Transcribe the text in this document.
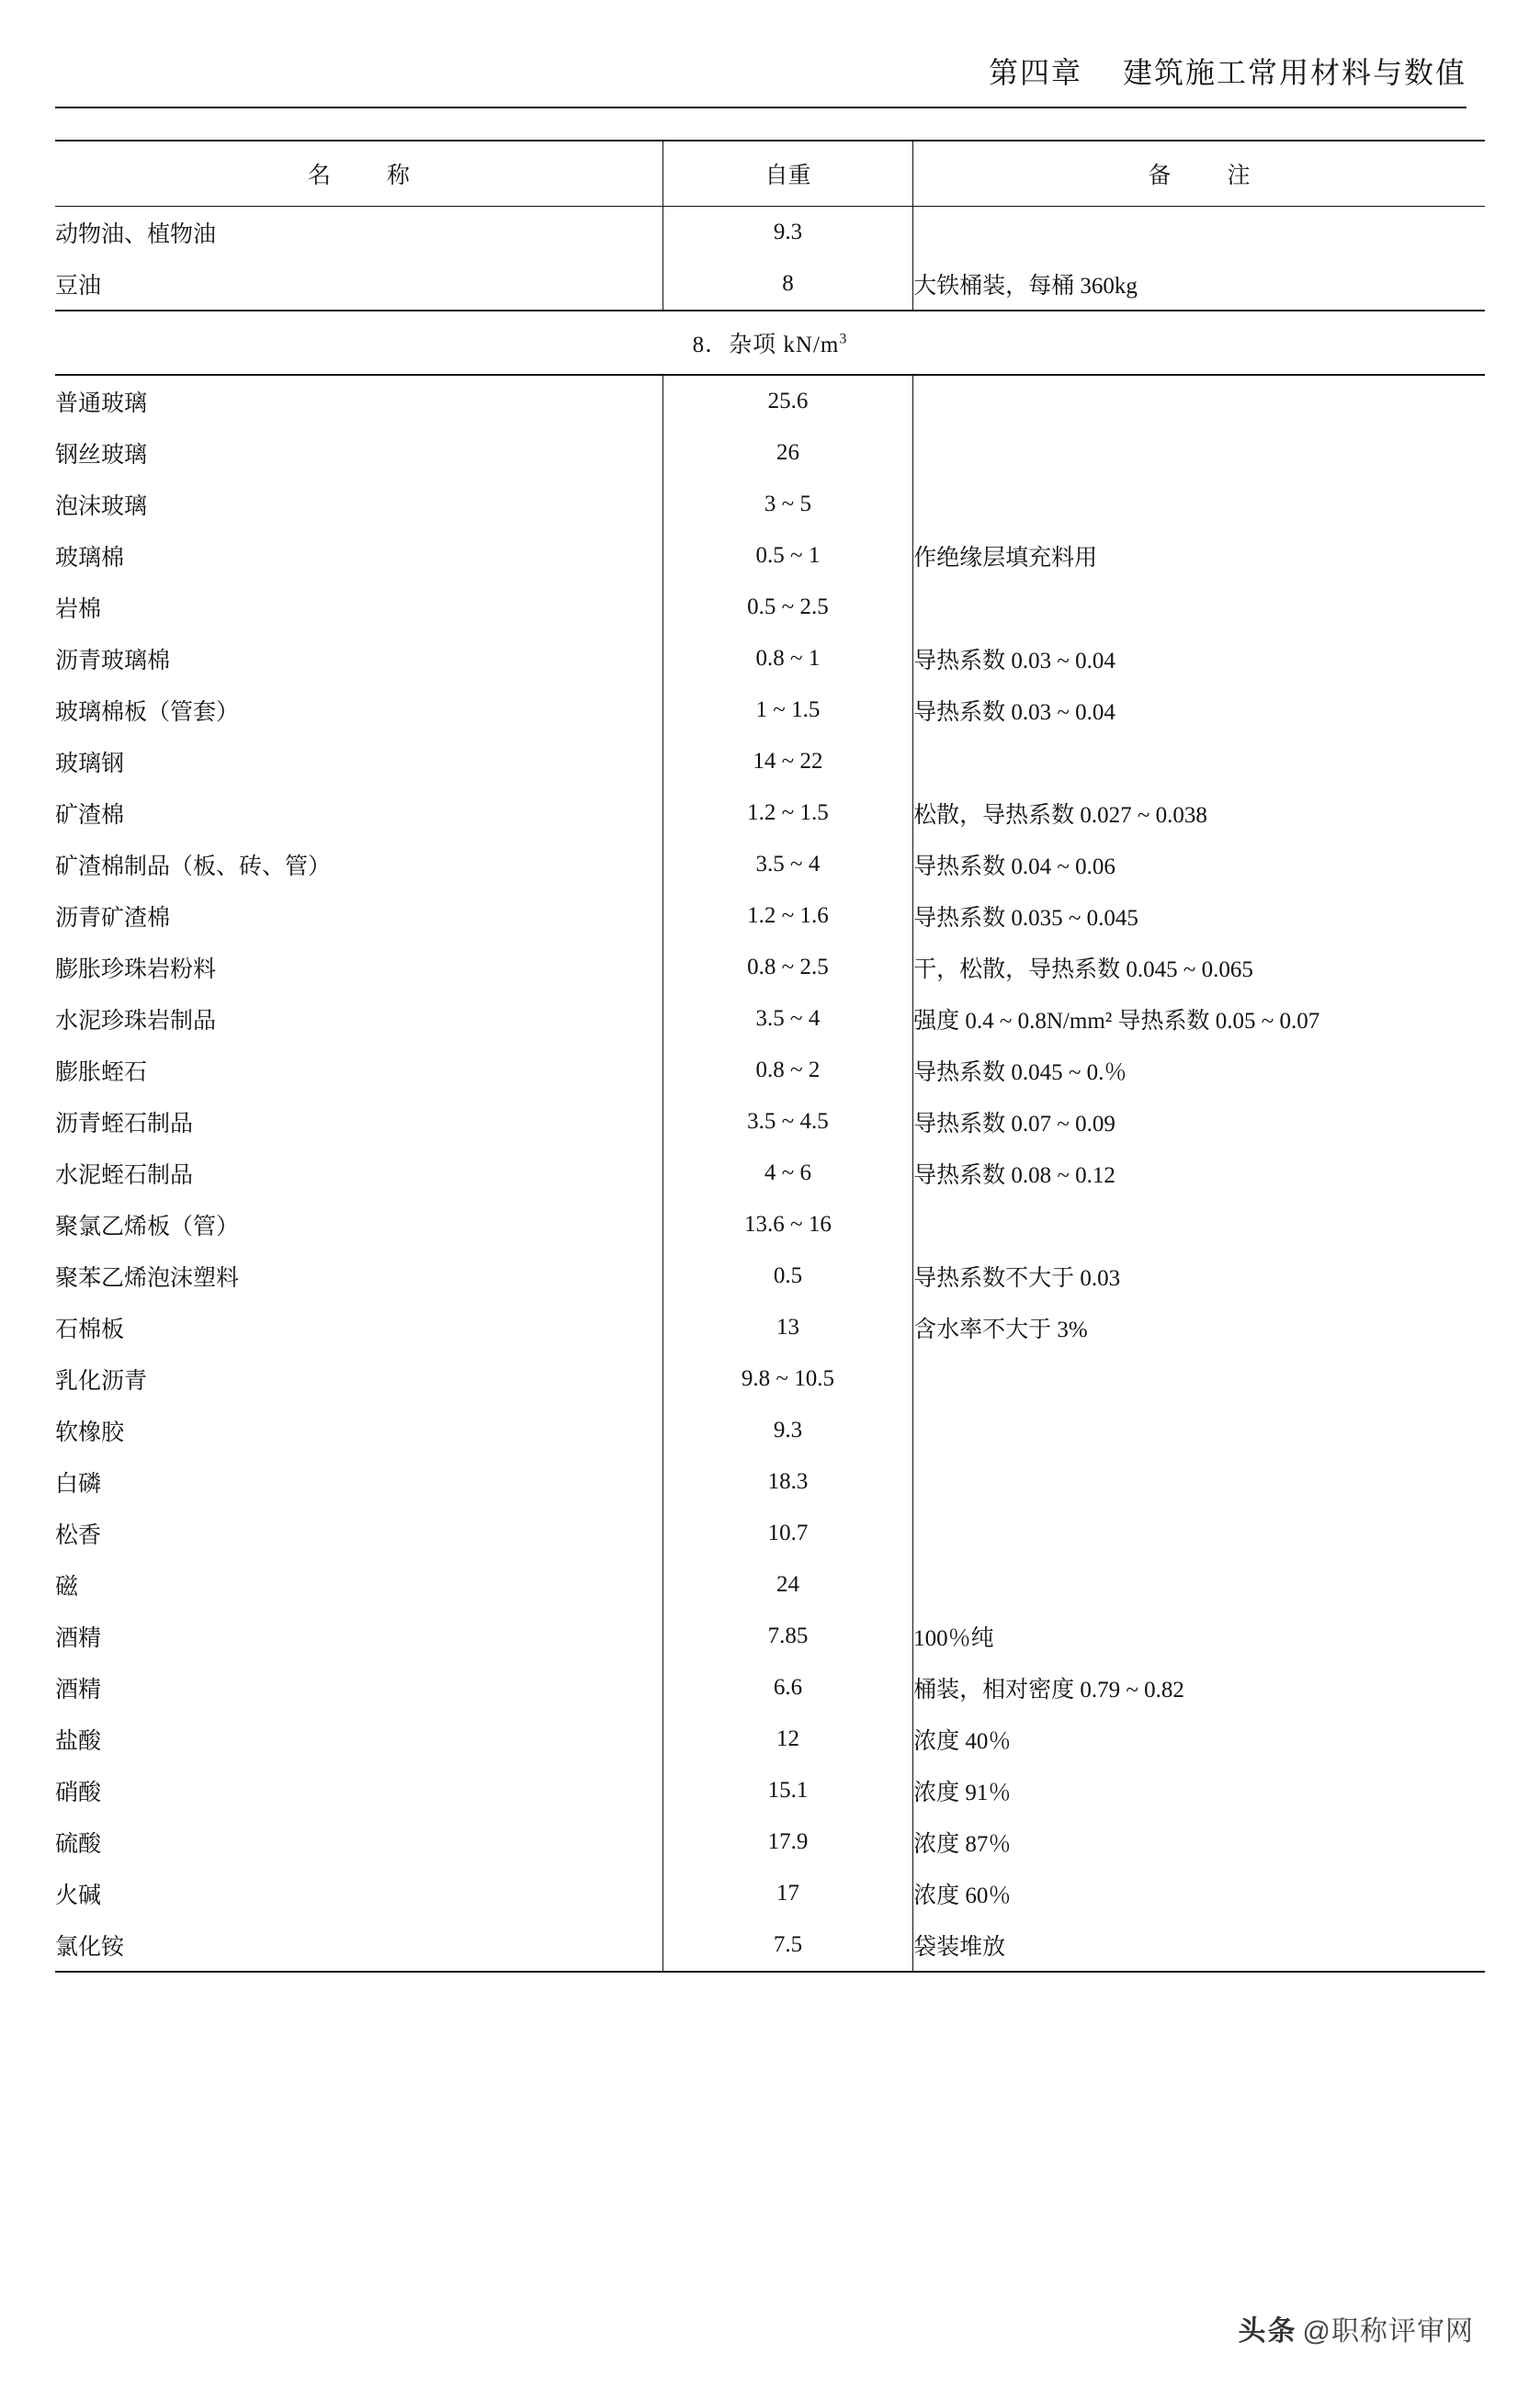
第四章 建筑施工常用材料与数值
名　称	自重	备　注
动物油、植物油	9.3	
豆油	8	大铁桶装，每桶 360kg
8．杂项 $kN/m^3$
普通玻璃	25.6	
钢丝玻璃	26	
泡沫玻璃	3 ~ 5	
玻璃棉	0.5 ~ 1	作绝缘层填充料用
岩棉	0.5 ~ 2.5	
沥青玻璃棉	0.8 ~ 1	导热系数 0.03 ~ 0.04
玻璃棉板（管套）	1 ~ 1.5	导热系数 0.03 ~ 0.04
玻璃钢	14 ~ 22	
矿渣棉	1.2 ~ 1.5	松散，导热系数 0.027 ~ 0.038
矿渣棉制品（板、砖、管）	3.5 ~ 4	导热系数 0.04 ~ 0.06
沥青矿渣棉	1.2 ~ 1.6	导热系数 0.035 ~ 0.045
膨胀珍珠岩粉料	0.8 ~ 2.5	干，松散，导热系数 0.045 ~ 0.065
水泥珍珠岩制品	3.5 ~ 4	强度 0.4 ~ 0.8N/mm² 导热系数 0.05 ~ 0.07
膨胀蛭石	0.8 ~ 2	导热系数 0.045 ~ 0.％
沥青蛭石制品	3.5 ~ 4.5	导热系数 0.07 ~ 0.09
水泥蛭石制品	4 ~ 6	导热系数 0.08 ~ 0.12
聚氯乙烯板（管）	13.6 ~ 16	
聚苯乙烯泡沫塑料	0.5	导热系数不大于 0.03
石棉板	13	含水率不大于 3%
乳化沥青	9.8 ~ 10.5	
软橡胶	9.3	
白磷	18.3	
松香	10.7	
磁	24	
酒精	7.85	100％纯
酒精	6.6	桶装，相对密度 0.79 ~ 0.82
盐酸	12	浓度 40％
硝酸	15.1	浓度 91％
硫酸	17.9	浓度 87％
火碱	17	浓度 60％
氯化铵	7.5	袋装堆放
头条 @职称评审网
